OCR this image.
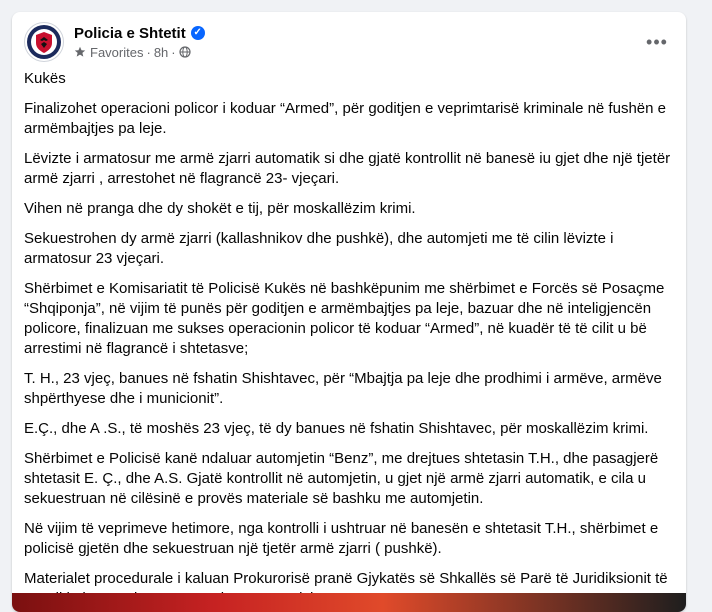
Policia e Shtetit ✓
Favorites · 8h ·
•••

Kukës

Finalizohet operacioni policor i koduar “Armed”, për goditjen e veprimtarisë kriminale në fushën e armëmbajtjes pa leje.

Lëvizte i armatosur me armë zjarri automatik si dhe gjatë kontrollit në banesë iu gjet dhe një tjetër armë zjarri , arrestohet në flagrancë 23- vjeçari.

Vihen në pranga dhe dy shokët e tij, për moskallëzim krimi.

Sekuestrohen dy armë zjarri (kallashnikov dhe pushkë), dhe automjeti me të cilin lëvizte i armatosur 23 vjeçari.

Shërbimet e Komisariatit të Policisë Kukës në bashkëpunim me shërbimet e Forcës së Posaçme “Shqiponja”, në vijim të punës për goditjen e armëmbajtjes pa leje, bazuar dhe në inteligjencën policore, finalizuan me sukses operacionin policor të koduar “Armed”, në kuadër të të cilit u bë arrestimi në flagrancë i shtetasve;

T. H., 23 vjeç, banues në fshatin Shishtavec, për “Mbajtja pa leje dhe prodhimi i armëve, armëve shpërthyese dhe i municionit”.

E.Ç., dhe A .S., të moshës 23 vjeç, të dy banues në fshatin Shishtavec, për moskallëzim krimi.

Shërbimet e Policisë kanë ndaluar automjetin “Benz”, me drejtues shtetasin T.H., dhe pasagjerë shtetasit E. Ç., dhe A.S. Gjatë kontrollit në automjetin, u gjet një armë zjarri automatik, e cila u sekuestruan në cilësinë e provës materiale së bashku me automjetin.

Në vijim të veprimeve hetimore, nga kontrolli i ushtruar në banesën e shtetasit T.H., shërbimet e policisë gjetën dhe sekuestruan një tjetër armë zjarri ( pushkë).

Materialet procedurale i kaluan Prokurorisë pranë Gjykatës së Shkallës së Parë të Juridiksionit të
